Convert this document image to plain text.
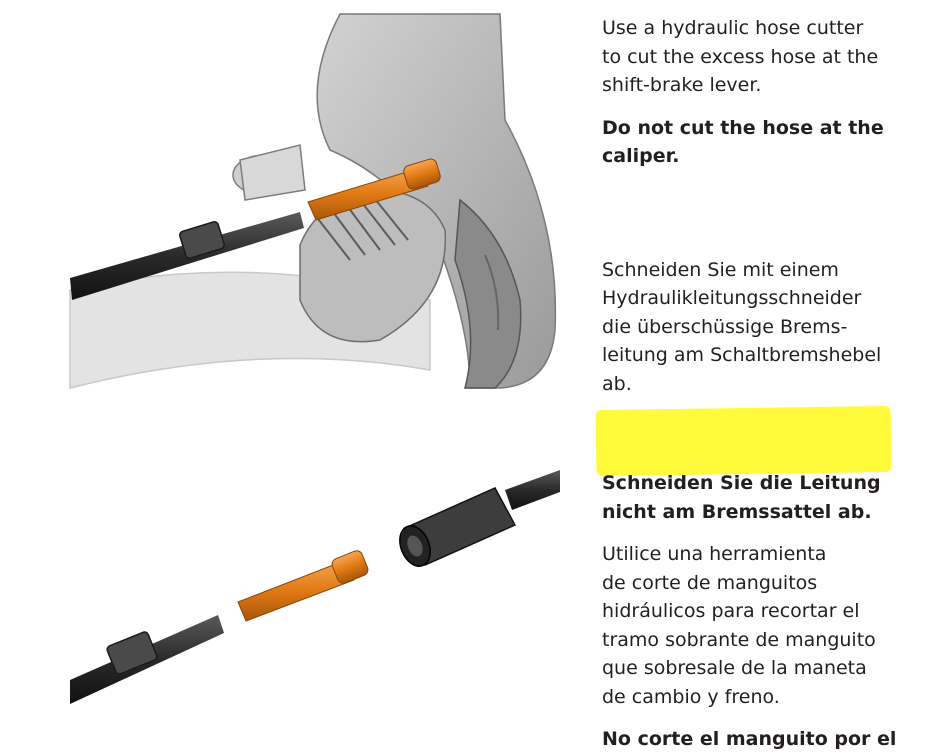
Use a hydraulic hose cutter
to cut the excess hose at the
shift-brake lever.

Do not cut the hose at the
caliper.

Schneiden Sie mit einem
Hydraulikleitungsschneider
die überschüssige Brems-
leitung am Schaltbremshebel
ab.

Schneiden Sie die Leitung
nicht am Bremssattel ab.

Utilice una herramienta
de corte de manguitos
hidráulicos para recortar el
tramo sobrante de manguito
que sobresale de la maneta
de cambio y freno.

No corte el manguito por el
